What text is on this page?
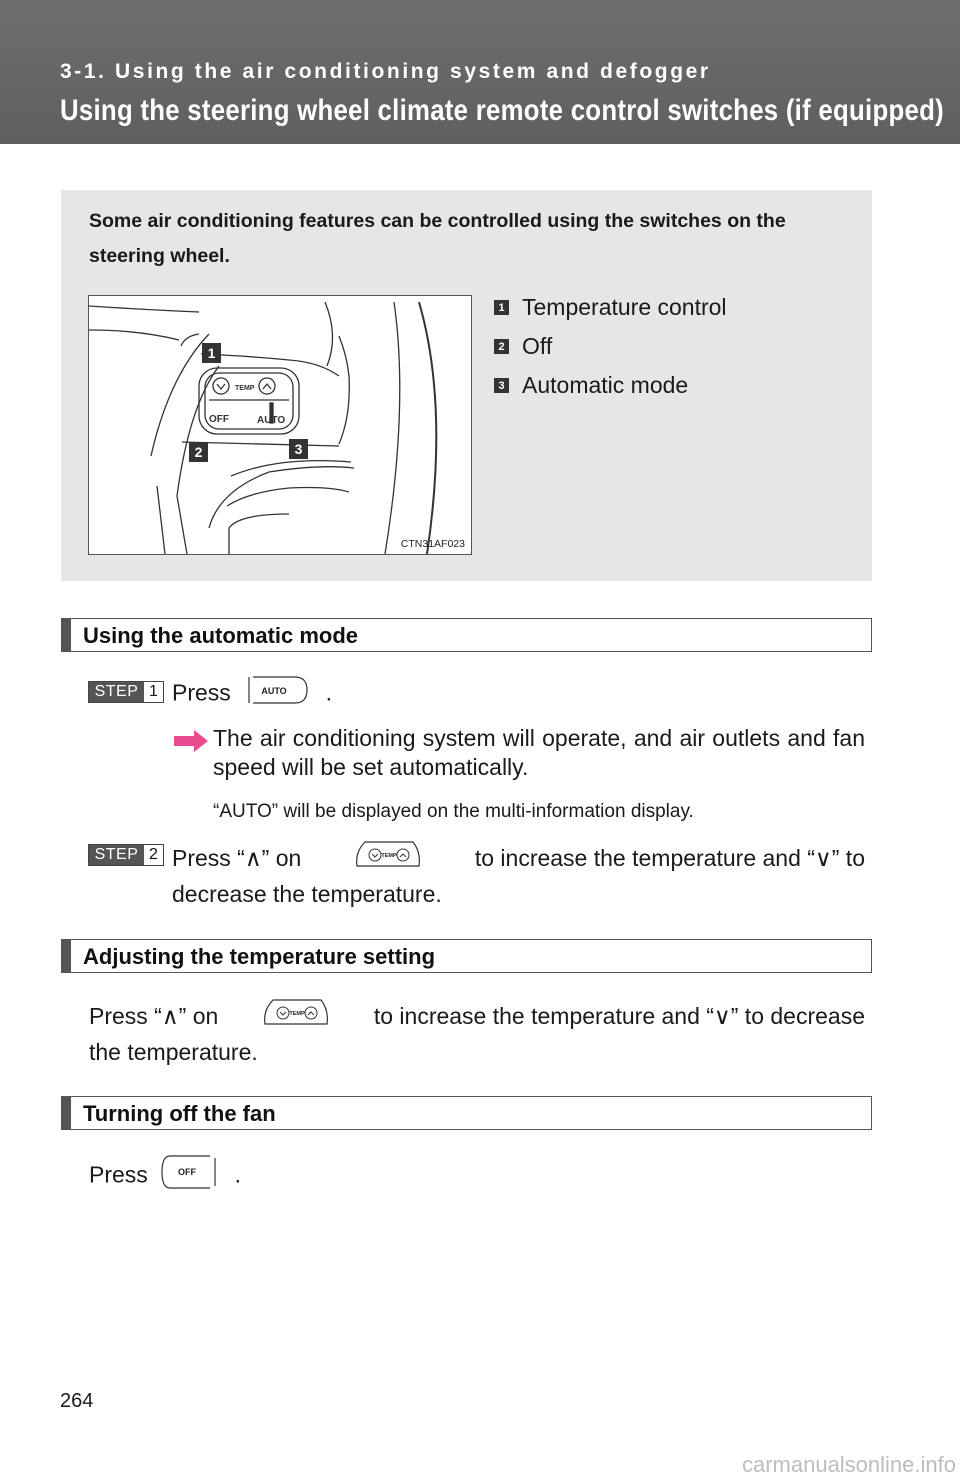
3-1. Using the air conditioning system and defogger
Using the steering wheel climate remote control switches (if equipped)
Some air conditioning features can be controlled using the switches on the steering wheel.
TEMP
OFF	AUTO
1
2	3
CTN31AF023
1 Temperature control
2 Off
3 Automatic mode
Using the automatic mode
STEP 1 Press	AUTO .
The air conditioning system will operate, and air outlets and fan speed will be set automatically.
“AUTO” will be displayed on the multi-information display.
STEP 2 Press “∧” on	TEMP	to increase the temperature and “∨” to
decrease the temperature.
Adjusting the temperature setting
Press “∧” on	TEMP	to increase the temperature and “∨” to decrease
the temperature.
Turning off the fan
Press	OFF .
264
carmanualsonline.info
